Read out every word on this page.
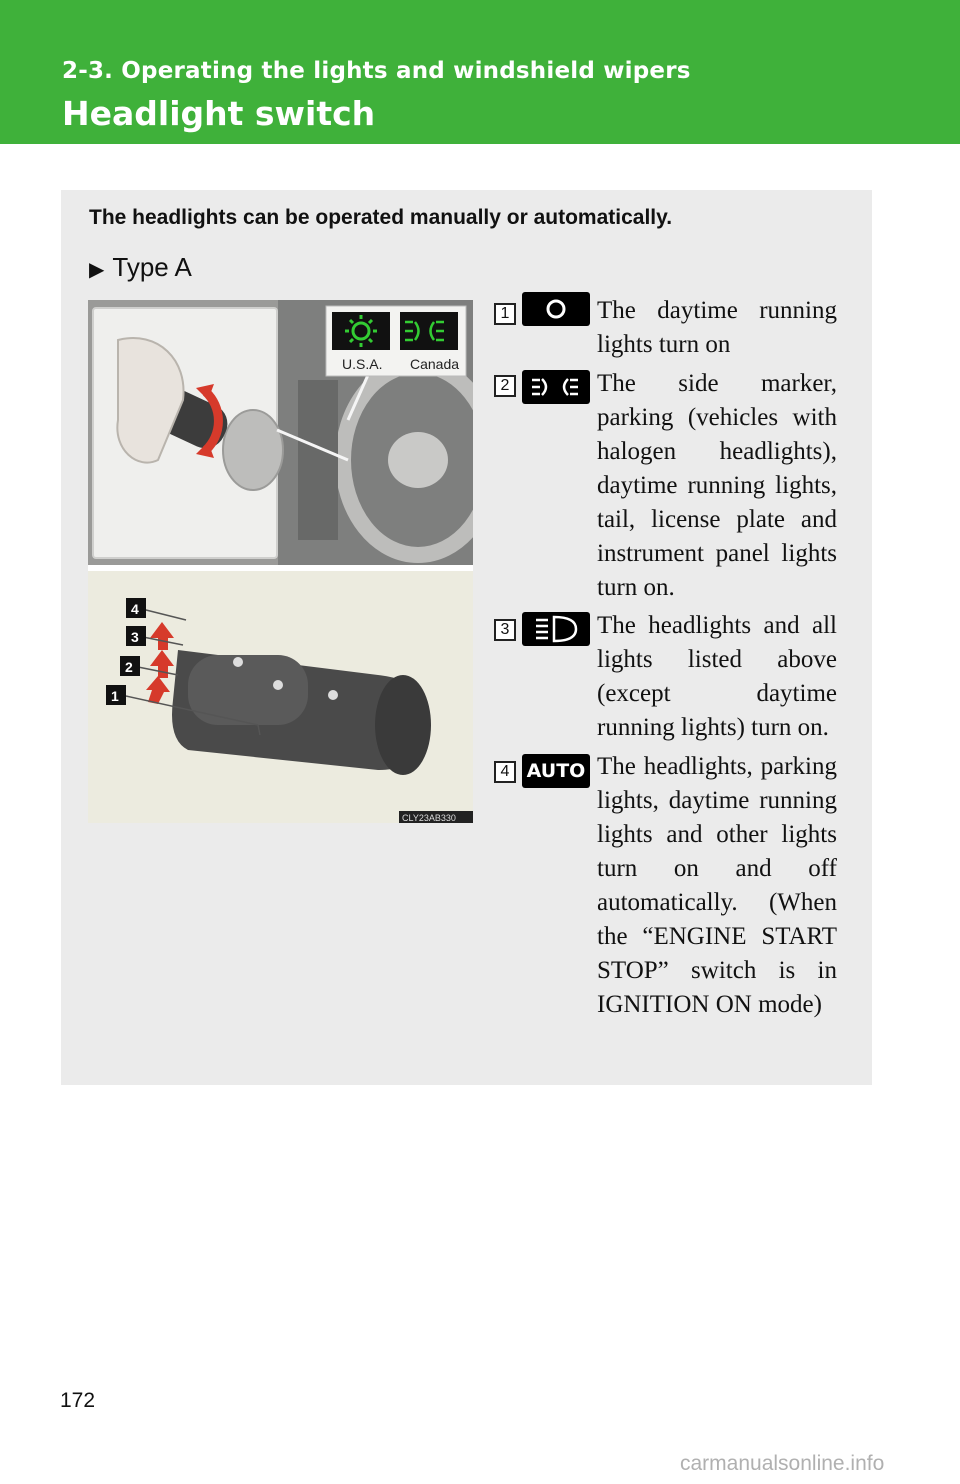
2-3. Operating the lights and windshield wipers
Headlight switch
The headlights can be operated manually or automatically.
▶ Type A
U.S.A. Canada
4
3
2
1
CLY23AB330
1	The daytime running lights turn on
2	The side marker, parking (vehicles with halogen headlights), daytime running lights, tail, license plate and instrument panel lights turn on.
3	The headlights and all lights listed above (except daytime running lights) turn on.
4 AUTO The headlights, parking lights, daytime running lights and other lights turn on and off automatically. (When the “ENGINE START STOP” switch is in IGNITION ON mode)
172
carmanualsonline.info
